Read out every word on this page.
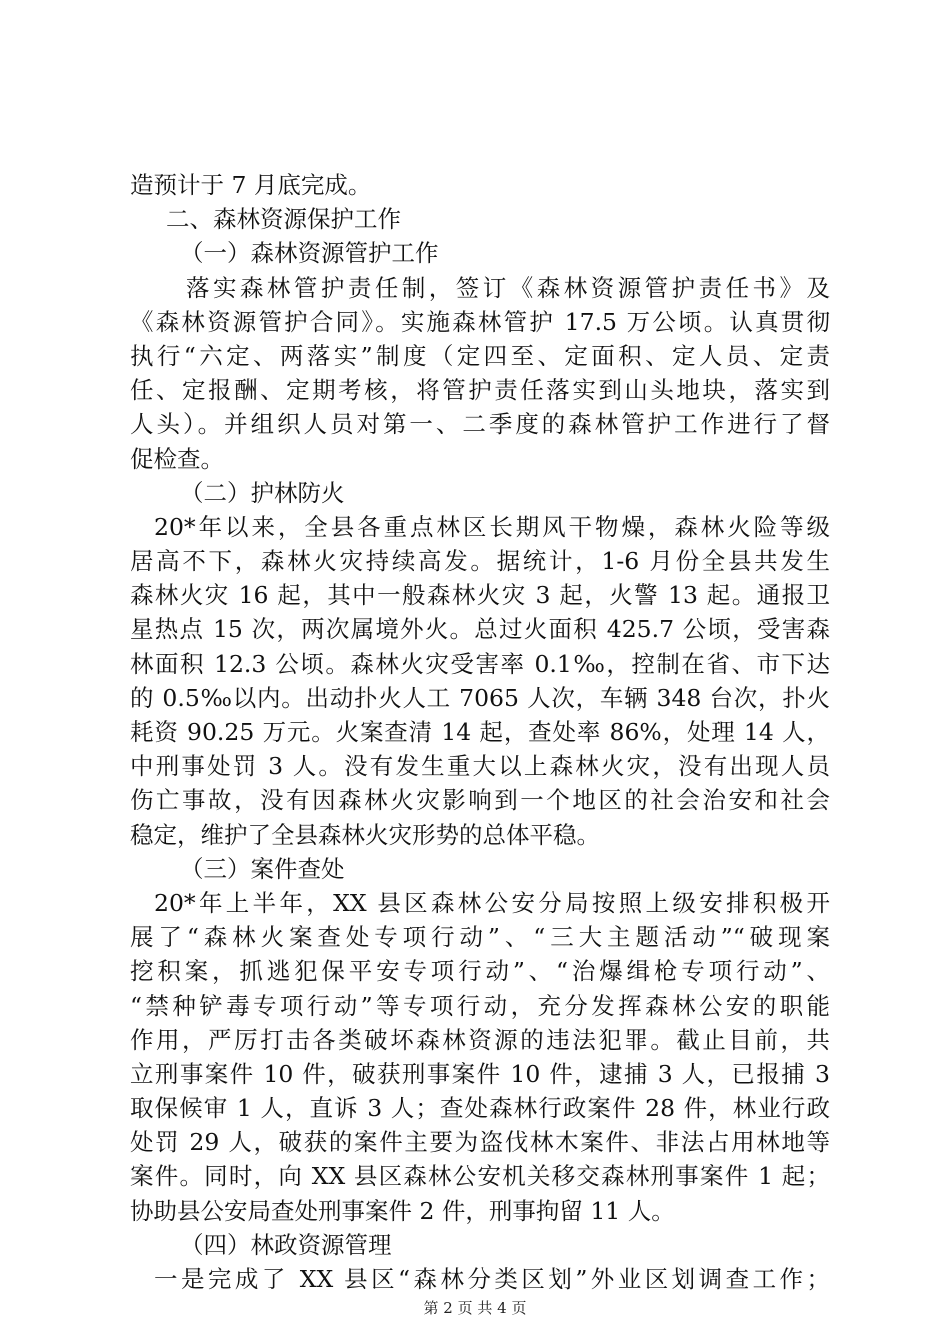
造预计于 7 月底完成。
二、森林资源保护工作
（一）森林资源管护工作
落实森林管护责任制，签订《森林资源管护责任书》及
《森林资源管护合同》。实施森林管护 17.5 万公顷。认真贯彻
执行“六定、两落实”制度（定四至、定面积、定人员、定责
任、定报酬、定期考核，将管护责任落实到山头地块，落实到
人头）。并组织人员对第一、二季度的森林管护工作进行了督
促检查。
（二）护林防火
20*年以来，全县各重点林区长期风干物燥，森林火险等级
居高不下，森林火灾持续高发。据统计，1-6 月份全县共发生
森林火灾 16 起，其中一般森林火灾 3 起，火警 13 起。通报卫
星热点 15 次，两次属境外火。总过火面积 425.7 公顷，受害森
林面积 12.3 公顷。森林火灾受害率 0.1‰，控制在省、市下达
的 0.5‰以内。出动扑火人工 7065 人次，车辆 348 台次，扑火
耗资 90.25 万元。火案查清 14 起，查处率 86%，处理 14 人，
中刑事处罚 3 人。没有发生重大以上森林火灾，没有出现人员
伤亡事故，没有因森林火灾影响到一个地区的社会治安和社会
稳定，维护了全县森林火灾形势的总体平稳。
（三）案件查处
20*年上半年，XX 县区森林公安分局按照上级安排积极开
展了“森林火案查处专项行动”、“三大主题活动”“破现案
挖积案，抓逃犯保平安专项行动”、“治爆缉枪专项行动”、
“禁种铲毒专项行动”等专项行动，充分发挥森林公安的职能
作用，严厉打击各类破坏森林资源的违法犯罪。截止目前，共
立刑事案件 10 件，破获刑事案件 10 件，逮捕 3 人，已报捕 3
取保候审 1 人，直诉 3 人；查处森林行政案件 28 件，林业行政
处罚 29 人，破获的案件主要为盗伐林木案件、非法占用林地等
案件。同时，向 XX 县区森林公安机关移交森林刑事案件 1 起；
协助县公安局查处刑事案件 2 件，刑事拘留 11 人。
（四）林政资源管理
一是完成了 XX 县区“森林分类区划”外业区划调查工作；
第 2 页 共 4 页
